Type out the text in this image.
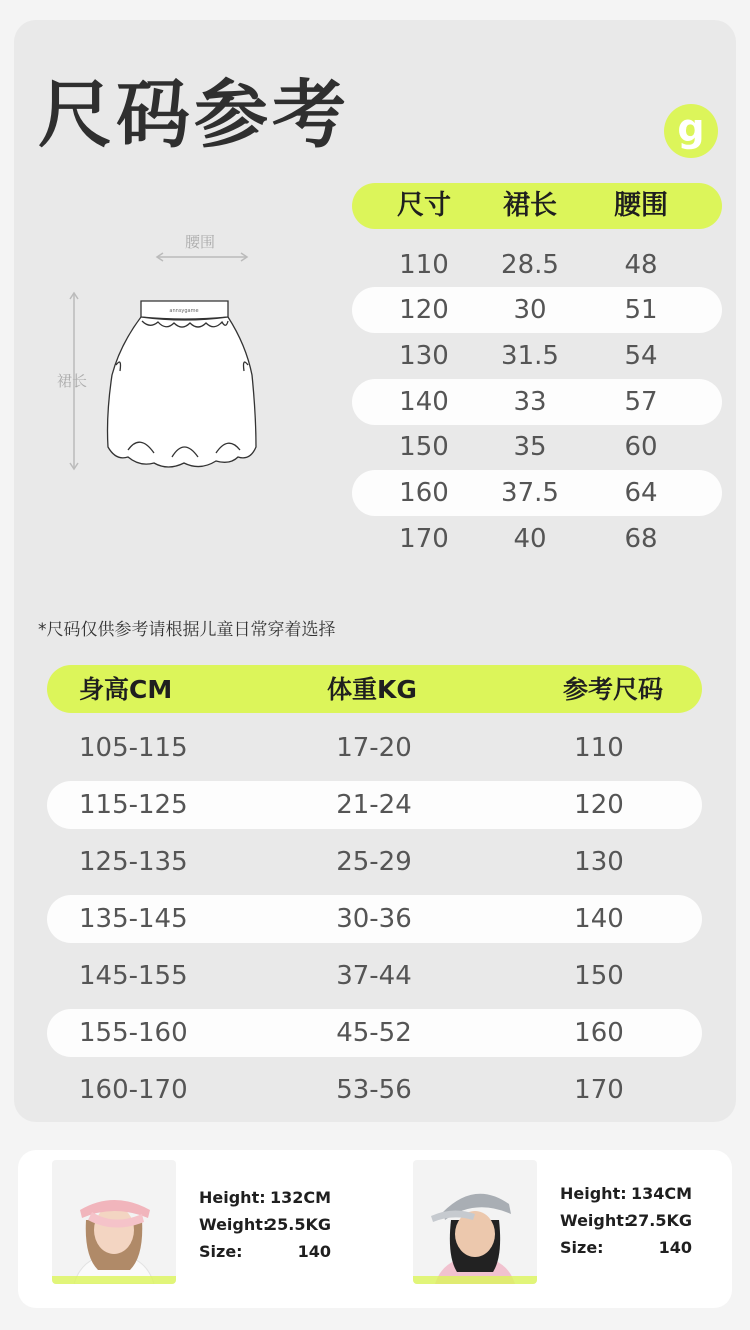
尺码参考	g
annsygame
腰围
裙长
尺寸 裙长 腰围
110 28.5	48
120 30	51
130 31.5	54
140 33	57
150 35	60
160 37.5	64
170 40	68
*尺码仅供参考请根据儿童日常穿着选择
身高CM	体重KG	参考尺码
105-115	17-20	110
115-125	21-24	120
125-135	25-29	130
135-145	30-36	140
145-155	37-44	150
155-160	45-52	160
160-170	53-56	170
Height: 132CM
Weight:
25.5KG
Size:	140
Height: 134CM
Weight:
27.5KG
Size:	140
